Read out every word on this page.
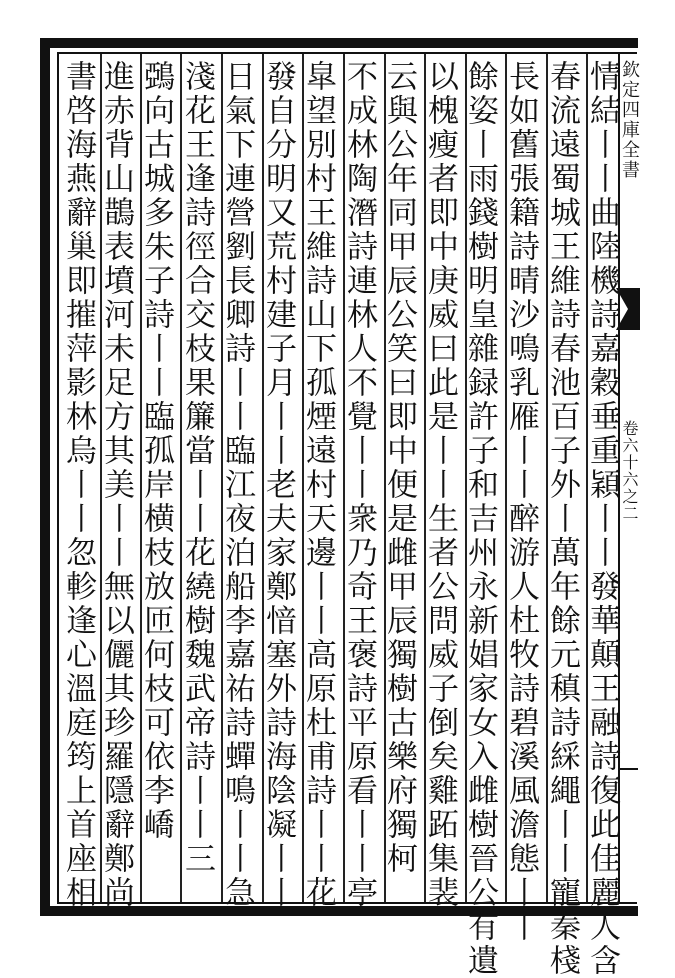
欽定四庫全書
卷六十六之二
情結丨丨曲陸機詩嘉穀垂重穎丨丨發華顛王融詩復此佳麗人含
春流遠蜀城王維詩春池百子外丨萬年餘元稹詩綵繩丨丨寵秦棧
長如舊張籍詩晴沙鳴乳雁丨丨醉游人杜牧詩碧溪風澹態丨丨
餘姿丨雨錢樹明皇雜録許子和吉州永新娼家女入雌樹晉公有遺
以槐瘦者即中庚威曰此是丨丨生者公問威子倒矣雞跖集裴
云與公年同甲辰公笑曰即中便是雌甲辰獨樹古樂府獨柯
不成林陶潛詩連林人不覺丨丨衆乃奇王褒詩平原看丨丨亭
皐望別村王維詩山下孤煙遠村天邊丨丨高原杜甫詩丨丨花
發自分明又荒村建子月丨丨老夫家鄭愔塞外詩海陰凝丨丨
日氣下連營劉長卿詩丨丨臨江夜泊船李嘉祐詩蟬鳴丨丨急
淺花王逢詩徑合交枝果簾當丨丨花繞樹魏武帝詩丨丨三
鵶向古城多朱子詩丨丨臨孤岸横枝放匝何枝可依李嶠
進赤背山鵲表墳河未足方其美丨丨無以儷其珍羅隱辭鄭尚
書啓海燕辭巢即摧萍影林烏丨丨忽軫逢心溫庭筠上首座相
